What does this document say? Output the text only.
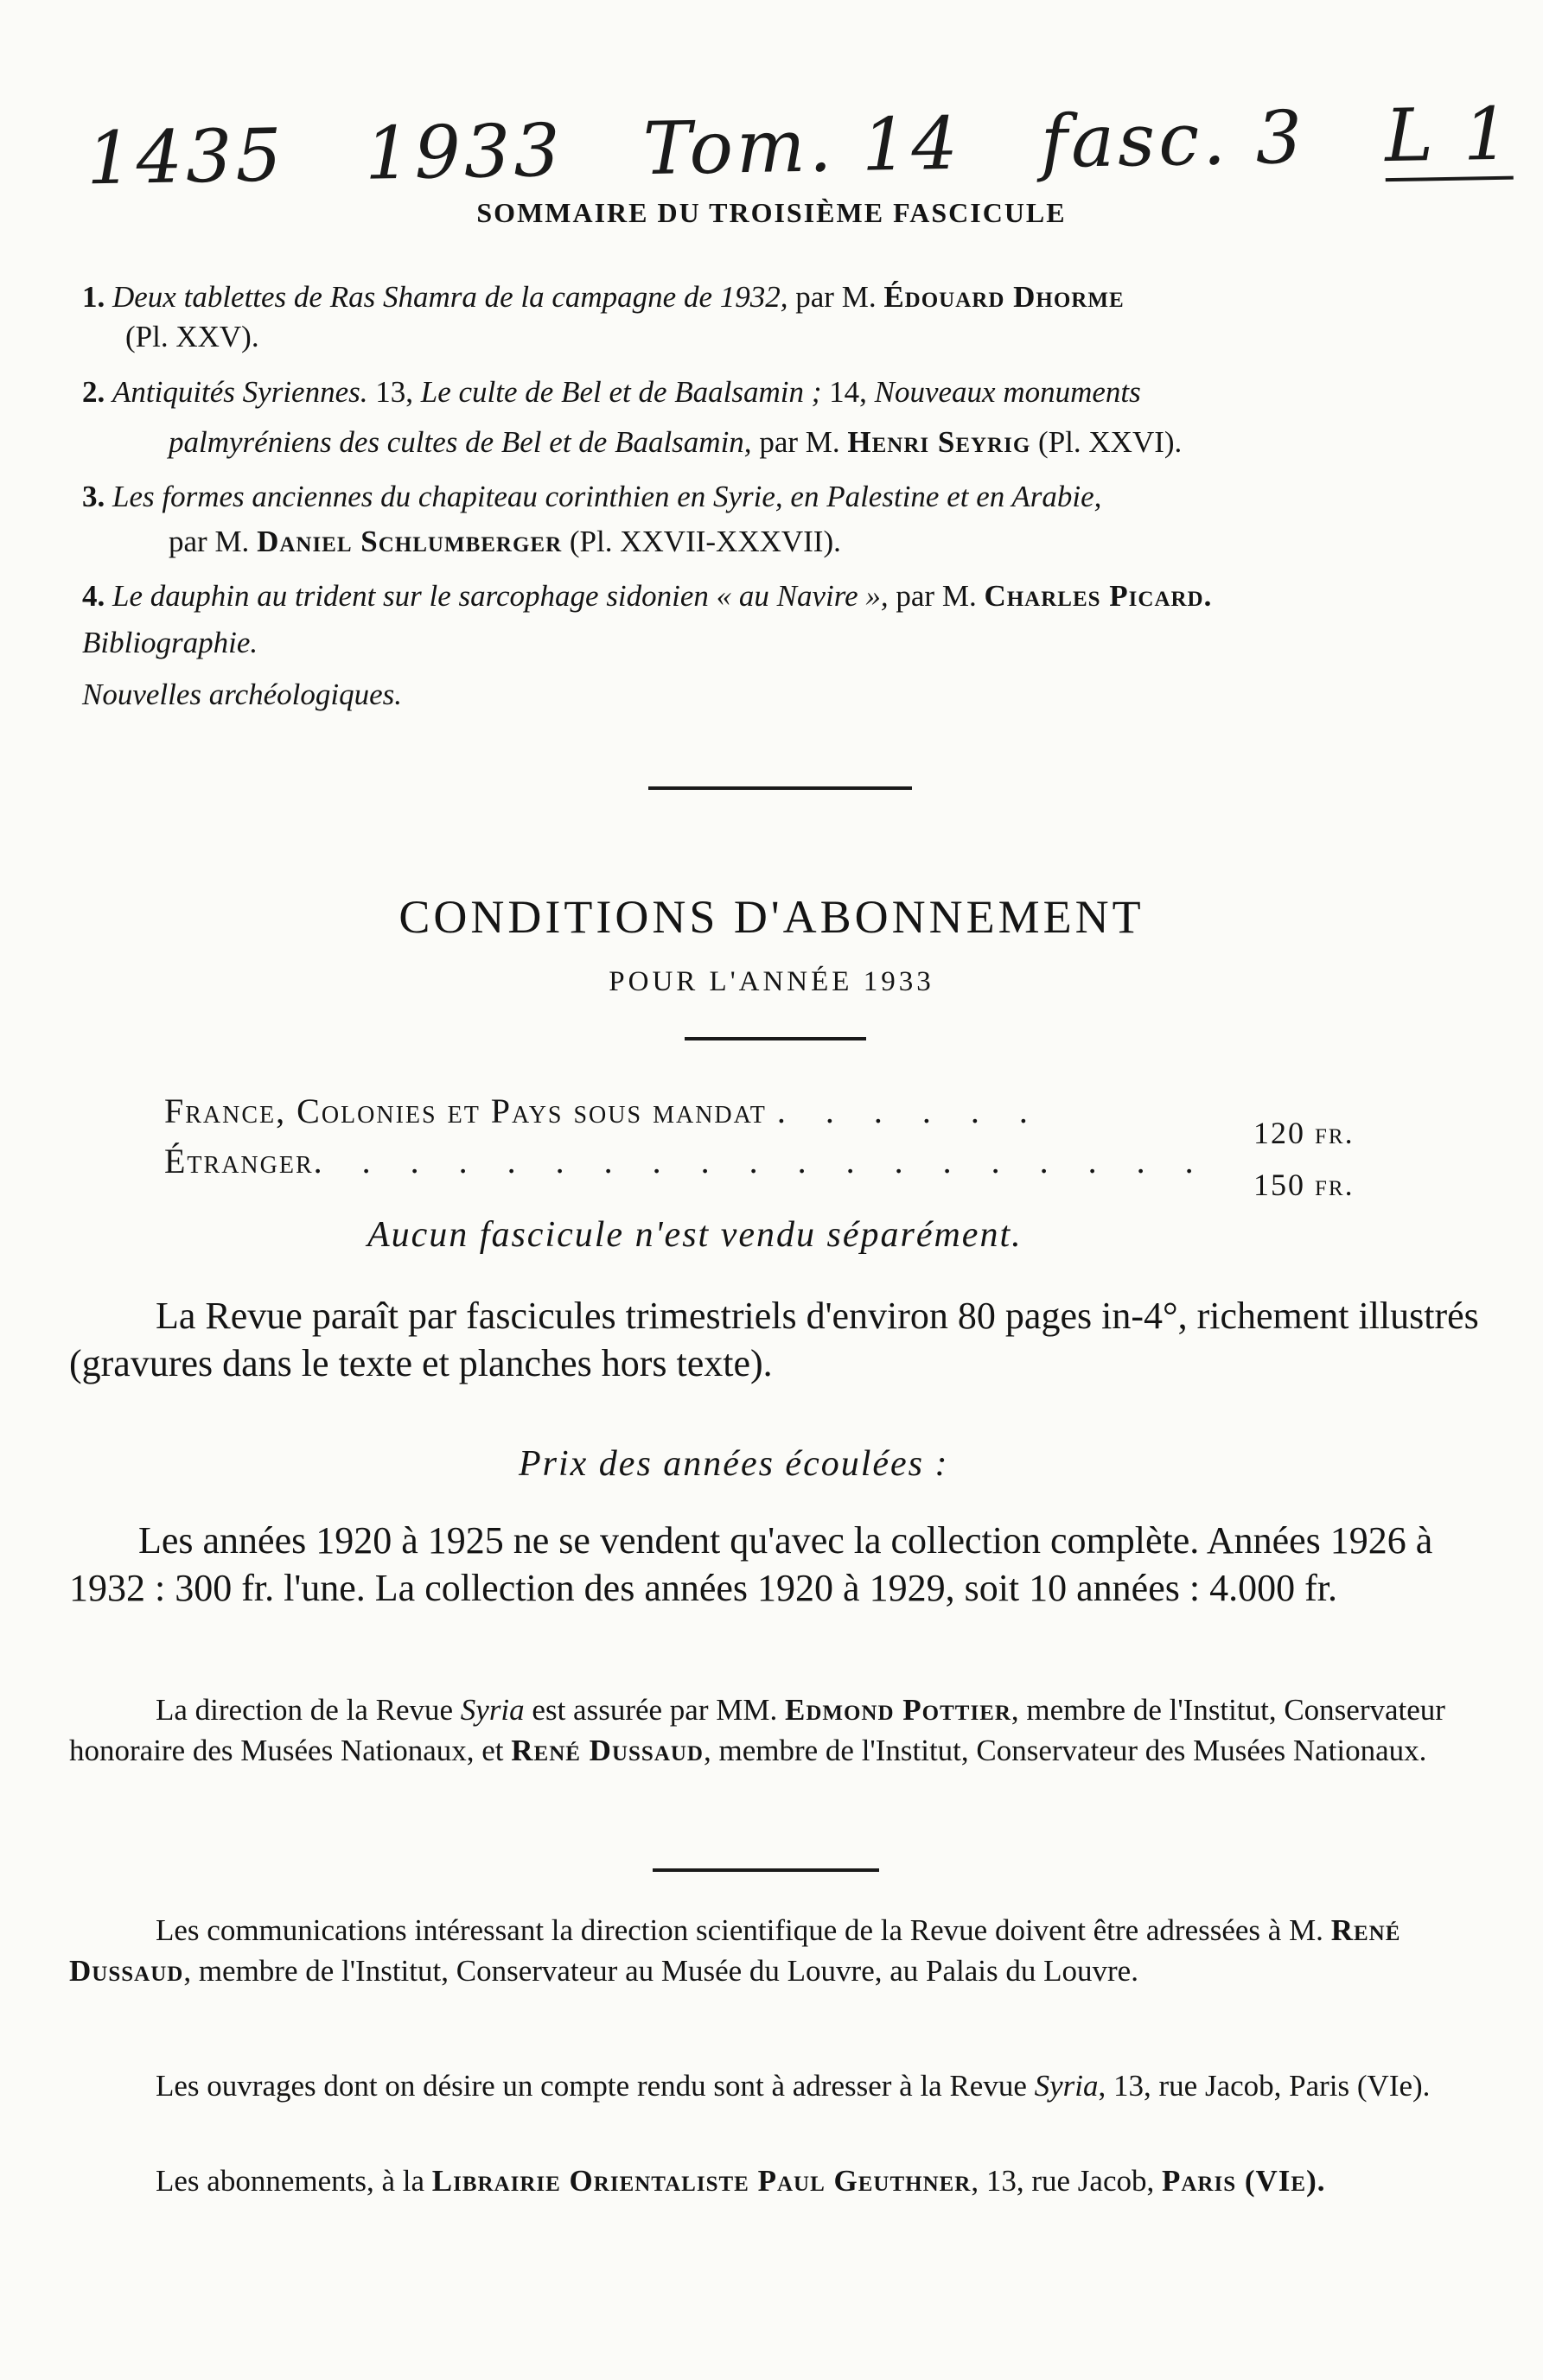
1435 1933 Tom. 14 fasc. 3 L 1
SOMMAIRE DU TROISIÈME FASCICULE
1. Deux tablettes de Ras Shamra de la campagne de 1932, par M. Édouard Dhorme
(Pl. XXV).
2. Antiquités Syriennes. 13, Le culte de Bel et de Baalsamin ; 14, Nouveaux monuments
palmyréniens des cultes de Bel et de Baalsamin, par M. Henri Seyrig (Pl. XXVI).
3. Les formes anciennes du chapiteau corinthien en Syrie, en Palestine et en Arabie,
par M. Daniel Schlumberger (Pl. XXVII-XXXVII).
4. Le dauphin au trident sur le sarcophage sidonien « au Navire », par M. Charles Picard.
Bibliographie.
Nouvelles archéologiques.
CONDITIONS D'ABONNEMENT
POUR L'ANNÉE 1933
France, Colonies et Pays sous mandat . . . . . .
120 fr.
Étranger. . . . . . . . . . . . . . . . . . .
150 fr.
Aucun fascicule n'est vendu séparément.
La Revue paraît par fascicules trimestriels d'environ 80 pages in-4°, richement illustrés (gravures dans le texte et planches hors texte).
Prix des années écoulées :
Les années 1920 à 1925 ne se vendent qu'avec la collection complète. Années 1926 à 1932 : 300 fr. l'une. La collection des années 1920 à 1929, soit 10 années : 4.000 fr.
La direction de la Revue Syria est assurée par MM. Edmond Pottier, membre de l'Institut, Conservateur honoraire des Musées Nationaux, et René Dussaud, membre de l'Institut, Conservateur des Musées Nationaux.
Les communications intéressant la direction scientifique de la Revue doivent être adressées à M. René Dussaud, membre de l'Institut, Conservateur au Musée du Louvre, au Palais du Louvre.
Les ouvrages dont on désire un compte rendu sont à adresser à la Revue Syria, 13, rue Jacob, Paris (VIe).
Les abonnements, à la Librairie Orientaliste Paul Geuthner, 13, rue Jacob, Paris (VIe).
